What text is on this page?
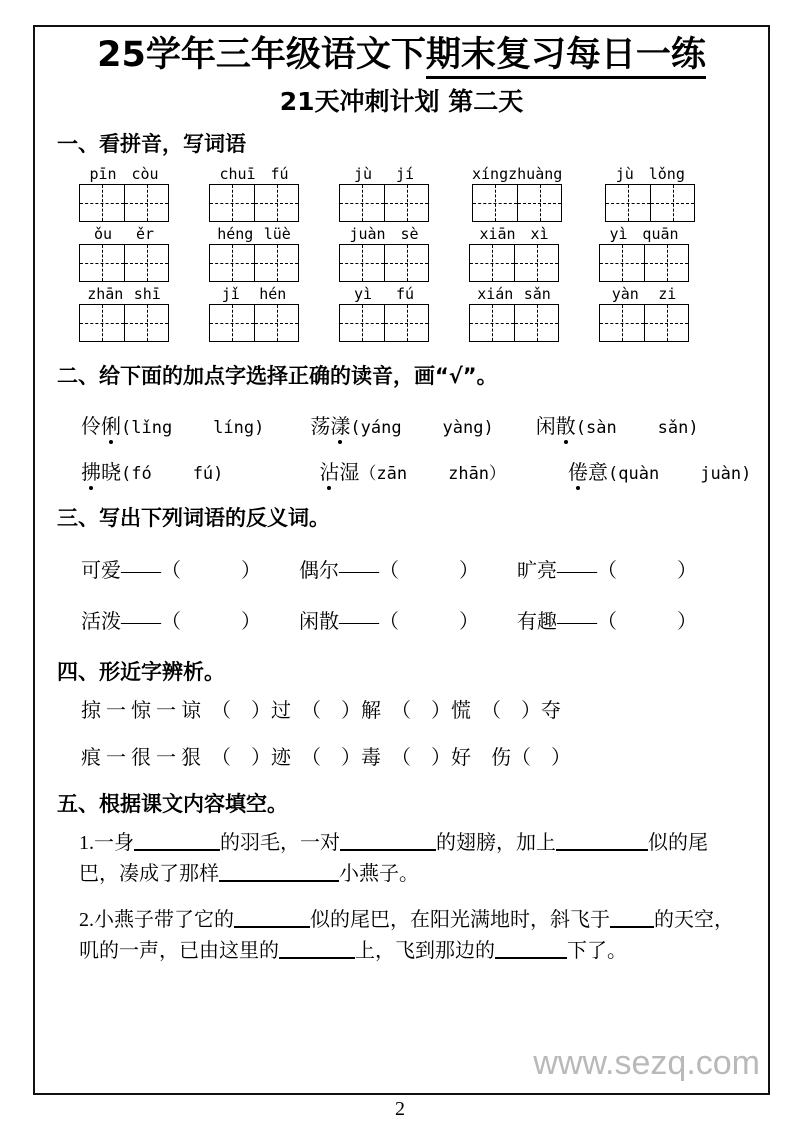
25学年三年级语文下期末复习每日一练
21天冲刺计划 第二天
一、看拼音，写词语
pīn còu	chuī fú	jù jí	xíng zhuàng	jù lǒng
ǒu ěr	héng lüè	juàn sè	xiān xì	yì quān
zhān shī	jǐ hén	yì fú	xián sǎn	yàn zi
二、给下面的加点字选择正确的读音，画“√”。
伶俐 (lǐng líng) 荡漾 (yáng yàng) 闲散 (sàn sǎn)
拂晓 (fó fú)	沾湿 （zān zhān）	倦意 (quàn juàn)
三、写出下列词语的反义词。
可爱——（　　　） 偶尔——（　　　） 旷亮——（　　　）
活泼——（　　　） 闲散——（　　　） 有趣——（　　　）
四、形近字辨析。
掠 一 惊 一 谅　（　）过　（　）解　（　）慌　（　）夺
痕 一 很 一 狠　（　）迹　（　）毒　（　）好　伤（　）
五、根据课文内容填空。
1.一身	的羽毛，一对	的翅膀，加上	似的尾巴，凑成了那样	小燕子。
2.小燕子带了它的	似的尾巴，在阳光满地时，斜飞于 的天空，叽的一声，已由这里的	上，飞到那边的	下了。
www.sezq.com
2
